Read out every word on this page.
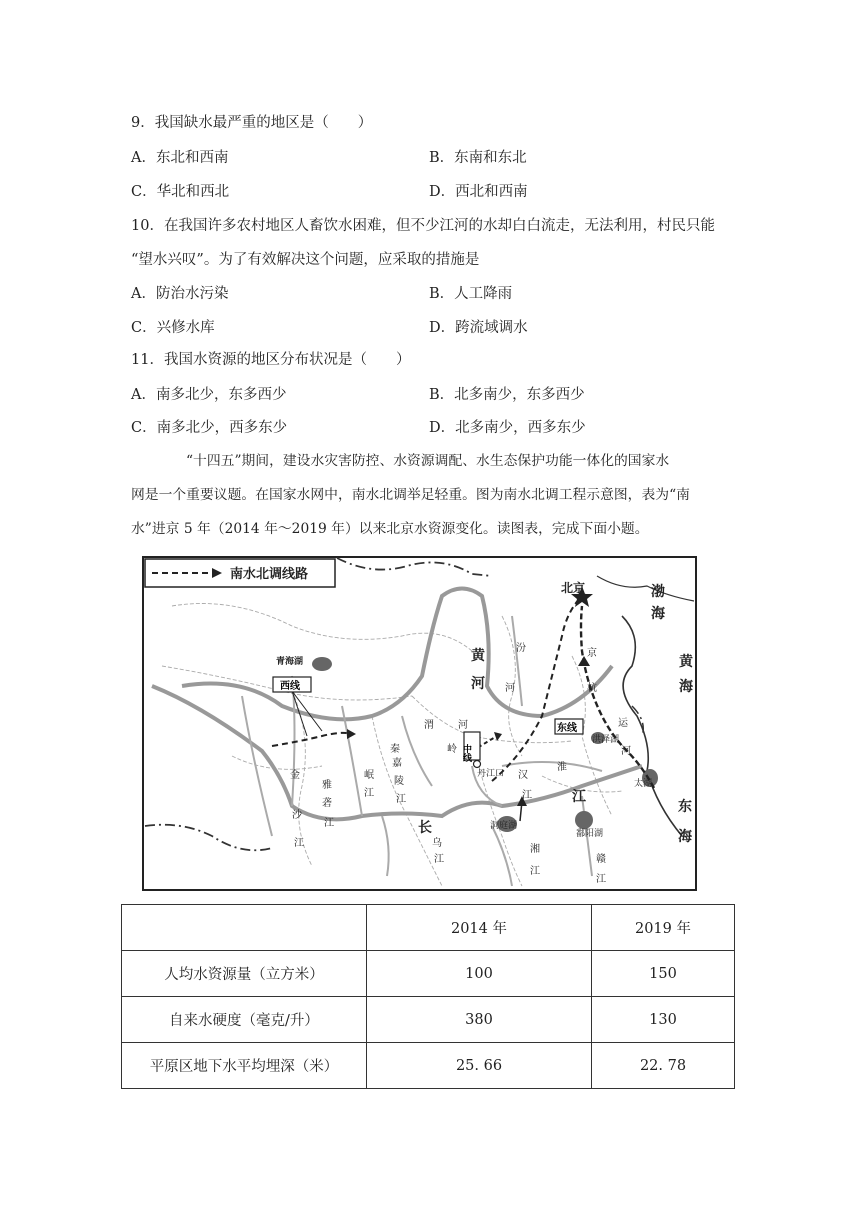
9．我国缺水最严重的地区是（　　）
A．东北和西南	B．东南和东北
C．华北和西北	D．西北和西南
10．在我国许多农村地区人畜饮水困难，但不少江河的水却白白流走，无法利用，村民只能
“望水兴叹”。为了有效解决这个问题，应采取的措施是
A．防治水污染	B．人工降雨
C．兴修水库	D．跨流域调水
11．我国水资源的地区分布状况是（　　）
A．南多北少，东多西少	B．北多南少，东多西少
C．南多北少，西多东少	D．北多南少，西多东少
“十四五”期间，建设水灾害防控、水资源调配、水生态保护功能一体化的国家水
网是一个重要议题。在国家水网中，南水北调举足轻重。图为南水北调工程示意图，表为“南
水”进京 5 年（2014 年～2019 年）以来北京水资源变化。读图表，完成下面小题。
南水北调线路
西线
中线
东线
青海湖
北京
丹江口
洞庭湖
鄱阳湖
太湖
洪泽湖
渤
海
黄
海
东
海
黄
河
长
江
汾
河
京
杭
运
河
金
沙
江
雅
砻
江
岷
江
嘉
陵
江
渭 河
秦	岭
汉
江
淮
湘
江
赣
江
乌
江
	2014 年	2019 年
人均水资源量（立方米）	100	150
自来水硬度（毫克/升）	380	130
平原区地下水平均埋深（米）	25. 66	22. 78
